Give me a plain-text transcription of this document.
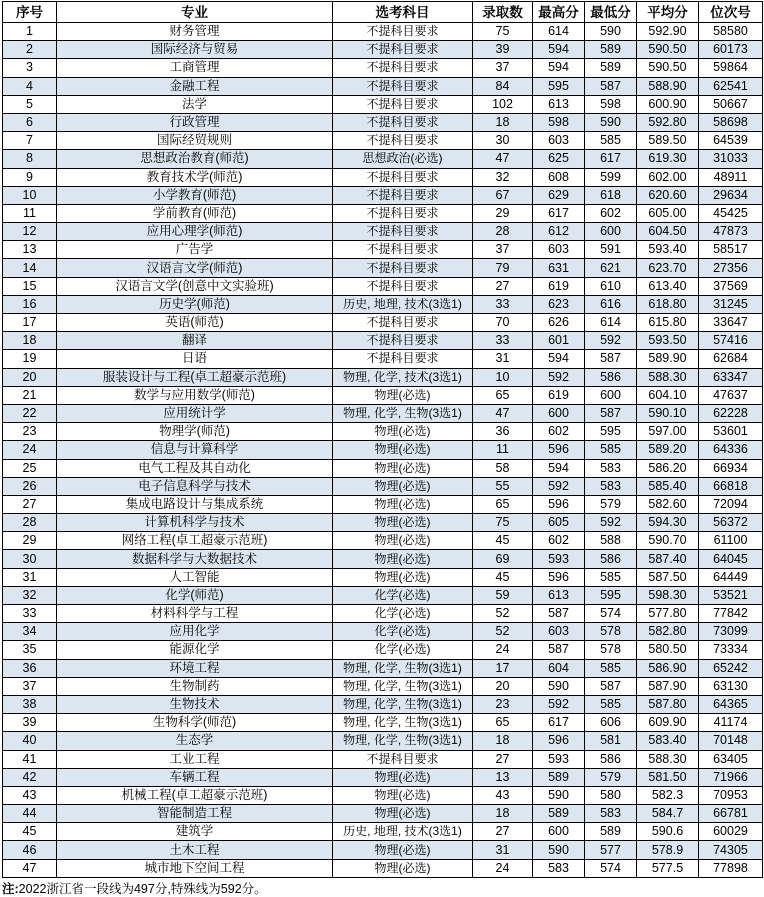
序号	专业	选考科目	录取数	最高分	最低分	平均分	位次号
1	财务管理	不提科目要求	75	614	590	592.90	58580
2	国际经济与贸易	不提科目要求	39	594	589	590.50	60173
3	工商管理	不提科目要求	37	594	589	590.50	59864
4	金融工程	不提科目要求	84	595	587	588.90	62541
5	法学	不提科目要求	102	613	598	600.90	50667
6	行政管理	不提科目要求	18	598	590	592.80	58698
7	国际经贸规则	不提科目要求	30	603	585	589.50	64539
8	思想政治教育(师范)	思想政治(必选)	47	625	617	619.30	31033
9	教育技术学(师范)	不提科目要求	32	608	599	602.00	48911
10	小学教育(师范)	不提科目要求	67	629	618	620.60	29634
11	学前教育(师范)	不提科目要求	29	617	602	605.00	45425
12	应用心理学(师范)	不提科目要求	28	612	600	604.50	47873
13	广告学	不提科目要求	37	603	591	593.40	58517
14	汉语言文学(师范)	不提科目要求	79	631	621	623.70	27356
15	汉语言文学(创意中文实验班)	不提科目要求	27	619	610	613.40	37569
16	历史学(师范)	历史, 地理, 技术(3选1)	33	623	616	618.80	31245
17	英语(师范)	不提科目要求	70	626	614	615.80	33647
18	翻译	不提科目要求	33	601	592	593.50	57416
19	日语	不提科目要求	31	594	587	589.90	62684
20	服装设计与工程(卓工超豪示范班)	物理, 化学, 技术(3选1)	10	592	586	588.30	63347
21	数学与应用数学(师范)	物理(必选)	65	619	600	604.10	47637
22	应用统计学	物理, 化学, 生物(3选1)	47	600	587	590.10	62228
23	物理学(师范)	物理(必选)	36	602	595	597.00	53601
24	信息与计算科学	物理(必选)	11	596	585	589.20	64336
25	电气工程及其自动化	物理(必选)	58	594	583	586.20	66934
26	电子信息科学与技术	物理(必选)	55	592	583	585.40	66818
27	集成电路设计与集成系统	物理(必选)	65	596	579	582.60	72094
28	计算机科学与技术	物理(必选)	75	605	592	594.30	56372
29	网络工程(卓工超豪示范班)	物理(必选)	45	602	588	590.70	61100
30	数据科学与大数据技术	物理(必选)	69	593	586	587.40	64045
31	人工智能	物理(必选)	45	596	585	587.50	64449
32	化学(师范)	化学(必选)	59	613	595	598.30	53521
33	材料科学与工程	化学(必选)	52	587	574	577.80	77842
34	应用化学	化学(必选)	52	603	578	582.80	73099
35	能源化学	化学(必选)	24	587	578	580.50	73334
36	环境工程	物理, 化学, 生物(3选1)	17	604	585	586.90	65242
37	生物制药	物理, 化学, 生物(3选1)	20	590	587	587.90	63130
38	生物技术	物理, 化学, 生物(3选1)	23	592	585	587.80	64365
39	生物科学(师范)	物理, 化学, 生物(3选1)	65	617	606	609.90	41174
40	生态学	物理, 化学, 生物(3选1)	18	596	581	583.40	70148
41	工业工程	不提科目要求	27	593	586	588.30	63405
42	车辆工程	物理(必选)	13	589	579	581.50	71966
43	机械工程(卓工超豪示范班)	物理(必选)	43	590	580	582.3	70953
44	智能制造工程	物理(必选)	18	589	583	584.7	66781
45	建筑学	历史, 地理, 技术(3选1)	27	600	589	590.6	60029
46	土木工程	物理(必选)	31	590	577	578.9	74305
47	城市地下空间工程	物理(必选)	24	583	574	577.5	77898
注:2022浙江省一段线为497分,特殊线为592分。
